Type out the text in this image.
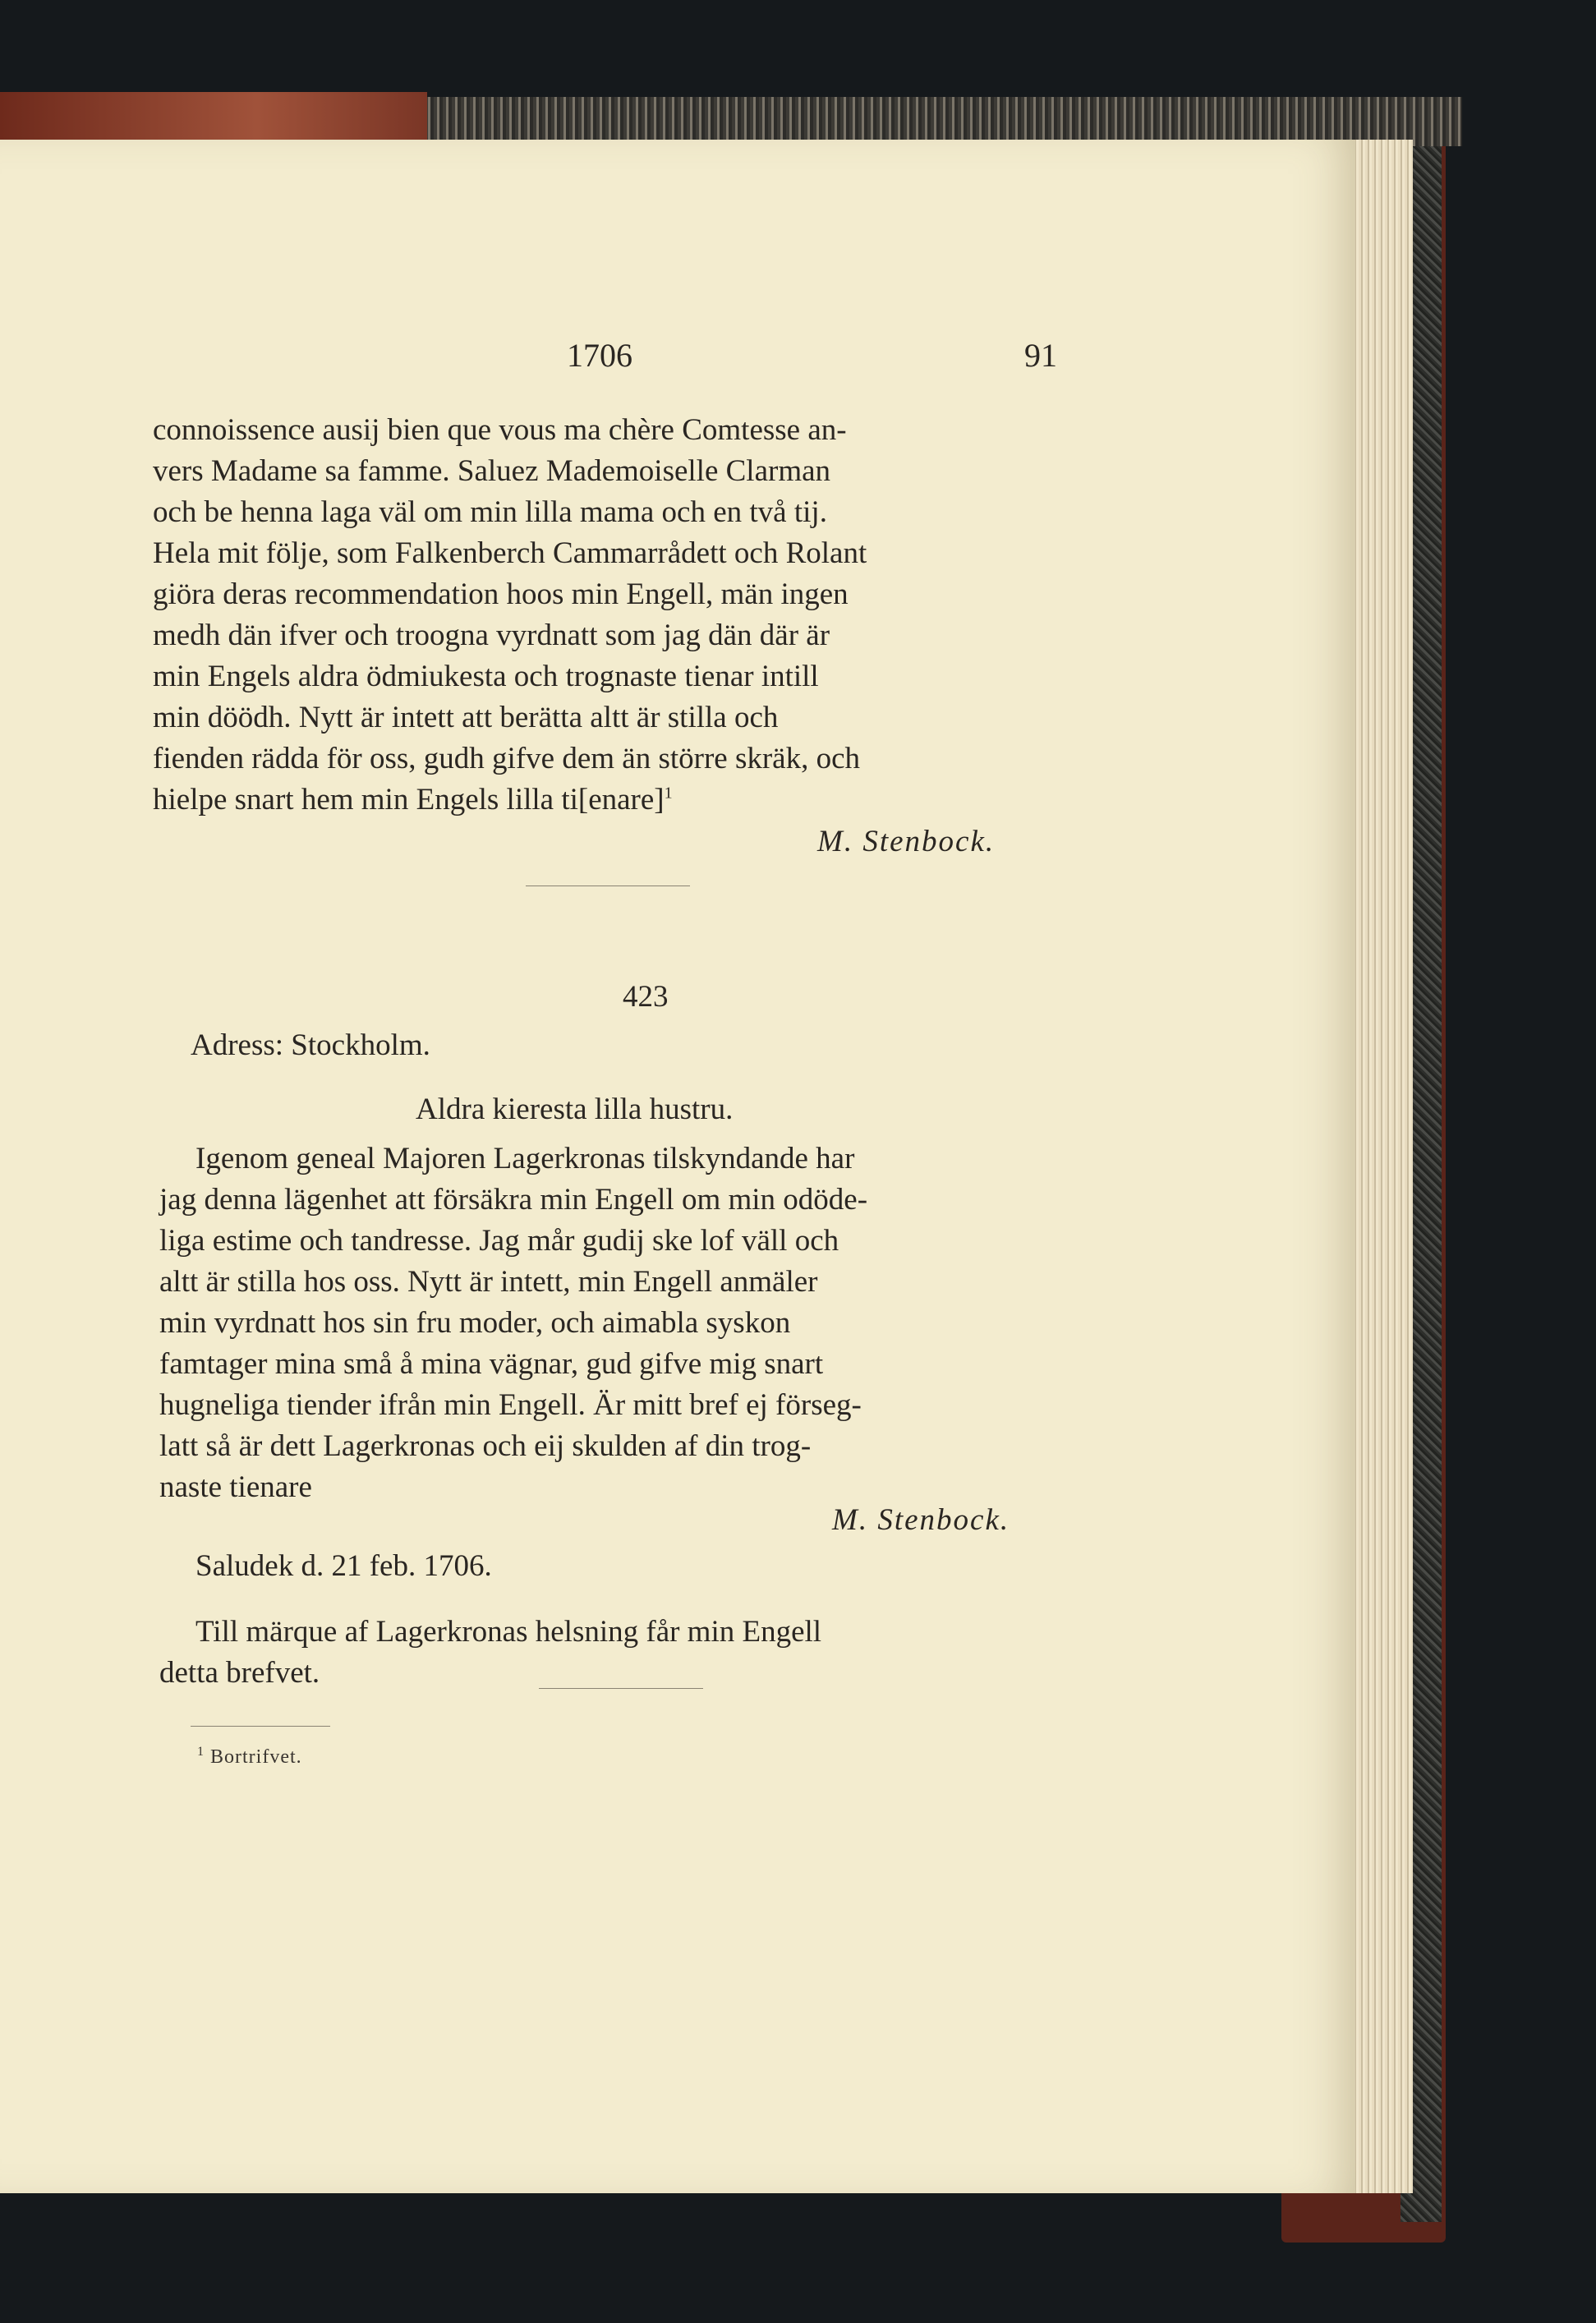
1706	91
connoissence ausij bien que vous ma chère Comtesse an-
vers Madame sa famme. Saluez Mademoiselle Clarman
och be henna laga väl om min lilla mama och en två tij.
Hela mit följe, som Falkenberch Cammarrådett och Rolant
giöra deras recommendation hoos min Engell, män ingen
medh dän ifver och troogna vyrdnatt som jag dän där är
min Engels aldra ödmiukesta och trognaste tienar intill
min döödh. Nytt är intett att berätta altt är stilla och
fienden rädda för oss, gudh gifve dem än större skräk, och
hielpe snart hem min Engels lilla ti[enare]$^1$
M. Stenbock.
423
Adress: Stockholm.
Aldra kieresta lilla hustru.
Igenom geneal Majoren Lagerkronas tilskyndande har
jag denna lägenhet att försäkra min Engell om min odöde-
liga estime och tandresse. Jag mår gudij ske lof väll och
altt är stilla hos oss. Nytt är intett, min Engell anmäler
min vyrdnatt hos sin fru moder, och aimabla syskon
famtager mina små å mina vägnar, gud gifve mig snart
hugneliga tiender ifrån min Engell. Är mitt bref ej förseg-
latt så är dett Lagerkronas och eij skulden af din trog-
naste tienare
M. Stenbock.
Saludek d. 21 feb. 1706.
Till märque af Lagerkronas helsning får min Engell
detta brefvet.
$^1$ Bortrifvet.
